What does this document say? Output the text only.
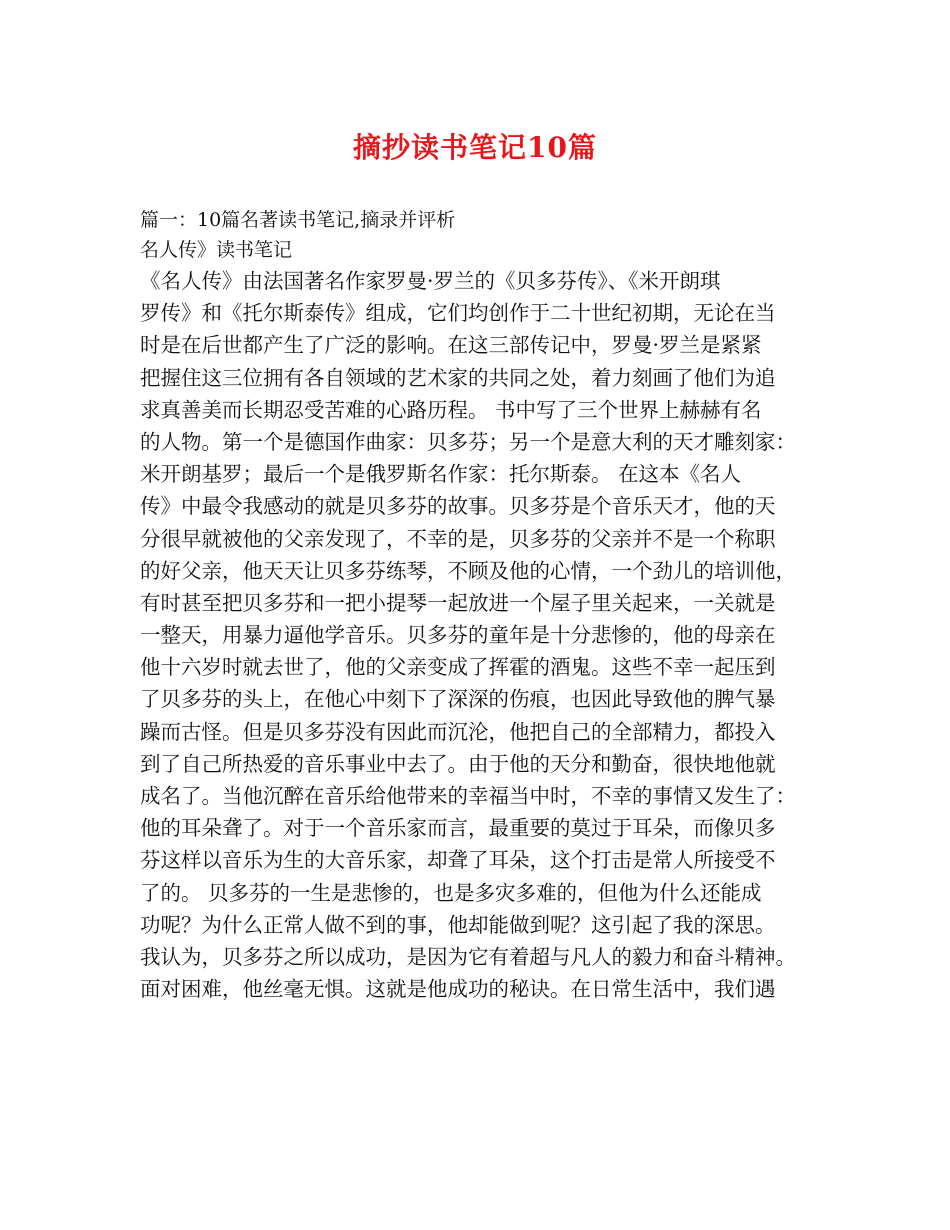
摘抄读书笔记10篇
篇一：10篇名著读书笔记,摘录并评析
名人传》读书笔记
《名人传》由法国著名作家罗曼·罗兰的《贝多芬传》、《米开朗琪
罗传》和《托尔斯泰传》组成，它们均创作于二十世纪初期，无论在当
时是在后世都产生了广泛的影响。在这三部传记中，罗曼·罗兰是紧紧
把握住这三位拥有各自领域的艺术家的共同之处，着力刻画了他们为追
求真善美而长期忍受苦难的心路历程。 书中写了三个世界上赫赫有名
的人物。第一个是德国作曲家：贝多芬；另一个是意大利的天才雕刻家：
米开朗基罗；最后一个是俄罗斯名作家：托尔斯泰。 在这本《名人
传》中最令我感动的就是贝多芬的故事。贝多芬是个音乐天才，他的天
分很早就被他的父亲发现了，不幸的是，贝多芬的父亲并不是一个称职
的好父亲，他天天让贝多芬练琴，不顾及他的心情，一个劲儿的培训他，
有时甚至把贝多芬和一把小提琴一起放进一个屋子里关起来，一关就是
一整天，用暴力逼他学音乐。贝多芬的童年是十分悲惨的，他的母亲在
他十六岁时就去世了，他的父亲变成了挥霍的酒鬼。这些不幸一起压到
了贝多芬的头上，在他心中刻下了深深的伤痕，也因此导致他的脾气暴
躁而古怪。但是贝多芬没有因此而沉沦，他把自己的全部精力，都投入
到了自己所热爱的音乐事业中去了。由于他的天分和勤奋，很快地他就
成名了。当他沉醉在音乐给他带来的幸福当中时，不幸的事情又发生了：
他的耳朵聋了。对于一个音乐家而言，最重要的莫过于耳朵，而像贝多
芬这样以音乐为生的大音乐家，却聋了耳朵，这个打击是常人所接受不
了的。 贝多芬的一生是悲惨的，也是多灾多难的，但他为什么还能成
功呢？为什么正常人做不到的事，他却能做到呢？这引起了我的深思。
我认为，贝多芬之所以成功，是因为它有着超与凡人的毅力和奋斗精神。
面对困难，他丝毫无惧。这就是他成功的秘诀。在日常生活中，我们遇
